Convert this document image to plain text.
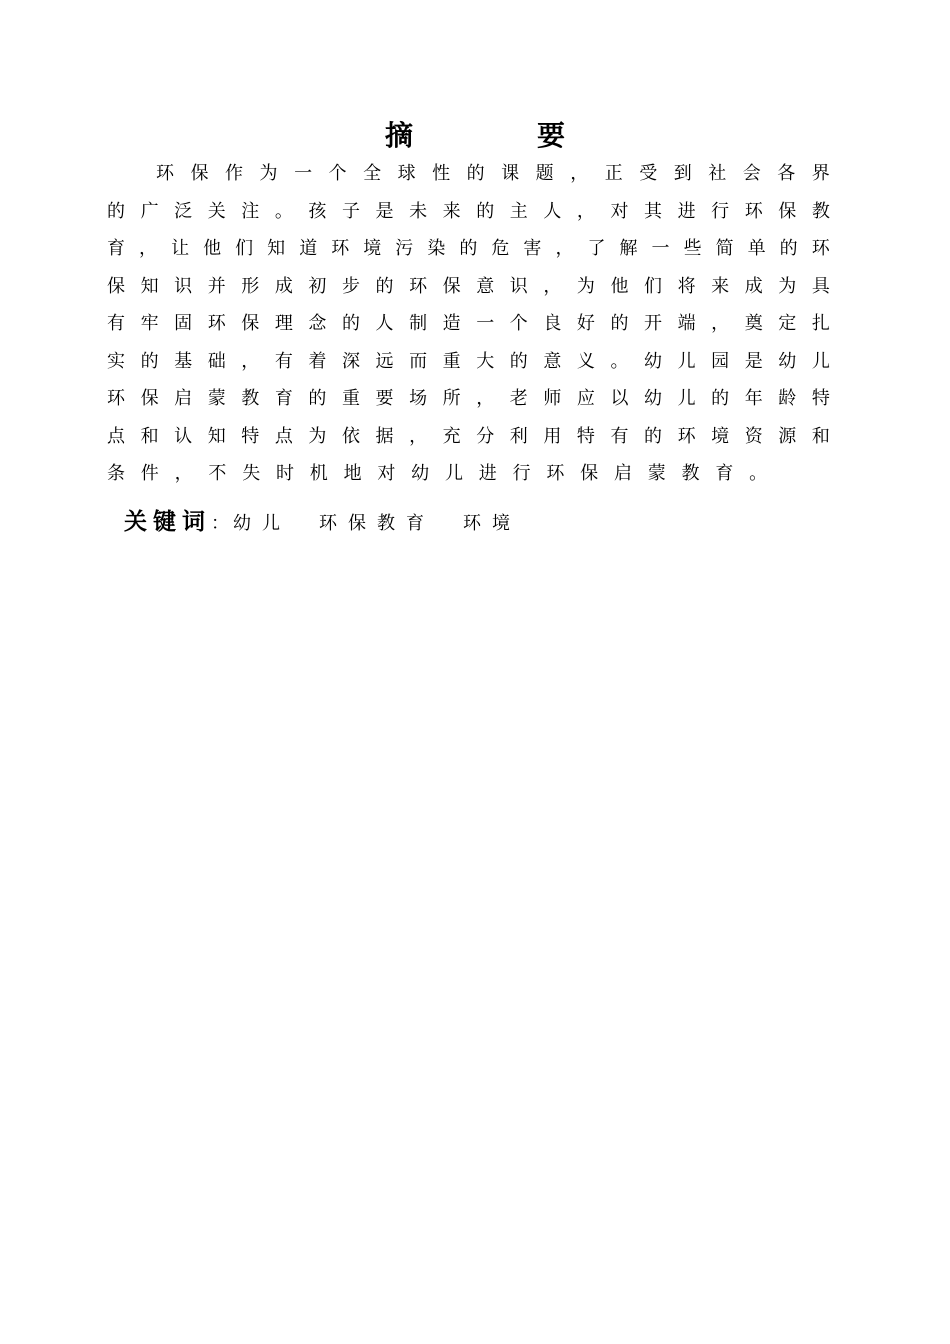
摘　要
环 保 作 为 一 个 全 球 性 的 课 题 ， 正 受 到 社 会 各 界
的 广 泛 关 注 。 孩 子 是 未 来 的 主 人 ， 对 其 进 行 环 保 教
育 ， 让 他 们 知 道 环 境 污 染 的 危 害 ， 了 解 一 些 简 单 的 环
保 知 识 并 形 成 初 步 的 环 保 意 识 ， 为 他 们 将 来 成 为 具
有 牢 固 环 保 理 念 的 人 制 造 一 个 良 好 的 开 端 ， 奠 定 扎
实 的 基 础 ， 有 着 深 远 而 重 大 的 意 义 。 幼 儿 园 是 幼 儿
环 保 启 蒙 教 育 的 重 要 场 所 ， 老 师 应 以 幼 儿 的 年 龄 特
点 和 认 知 特 点 为 依 据 ， 充 分 利 用 特 有 的 环 境 资 源 和
条 件 ， 不 失 时 机 地 对 幼 儿 进 行 环 保 启 蒙 教 育 。
关键词： 幼儿 环保教育 环境
